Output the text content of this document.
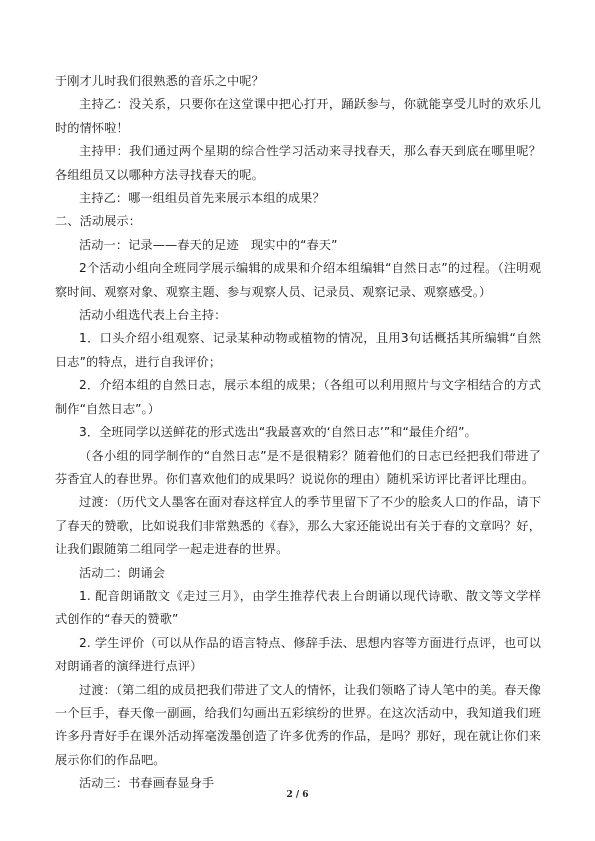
于刚才儿时我们很熟悉的音乐之中呢？

主持乙：没关系，只要你在这堂课中把心打开，踊跃参与，你就能享受儿时的欢乐儿时的情怀啦！

主持甲：我们通过两个星期的综合性学习活动来寻找春天，那么春天到底在哪里呢？各组组员又以哪种方法寻找春天的呢。

主持乙：哪一组组员首先来展示本组的成果？

二、活动展示：

活动一：记录——春天的足迹　现实中的“春天”

2个活动小组向全班同学展示编辑的成果和介绍本组编辑“自然日志”的过程。（注明观察时间、观察对象、观察主题、参与观察人员、记录员、观察记录、观察感受。）

活动小组选代表上台主持：

1．口头介绍小组观察、记录某种动物或植物的情况，且用3句话概括其所编辑“自然日志”的特点，进行自我评价；

2．介绍本组的自然日志，展示本组的成果；（各组可以利用照片与文字相结合的方式制作“自然日志”。）

3．全班同学以送鲜花的形式选出“我最喜欢的‘自然日志’”和“最佳介绍”。

（各小组的同学制作的“自然日志”是不是很精彩？随着他们的日志已经把我们带进了芬香宜人的春世界。你们喜欢他们的成果吗？说说你的理由）随机采访评比者评比理由。

过渡：（历代文人墨客在面对春这样宜人的季节里留下了不少的脍炙人口的作品，请下了春天的赞歌，比如说我们非常熟悉的《春》，那么大家还能说出有关于春的文章吗？好，让我们跟随第二组同学一起走进春的世界。

活动二：朗诵会

1. 配音朗诵散文《走过三月》，由学生推荐代表上台朗诵以现代诗歌、散文等文学样式创作的“春天的赞歌”

2. 学生评价（可以从作品的语言特点、修辞手法、思想内容等方面进行点评，也可以对朗诵者的演绎进行点评）

过渡：（第二组的成员把我们带进了文人的情怀，让我们领略了诗人笔中的美。春天像一个巨手，春天像一副画，给我们勾画出五彩缤纷的世界。在这次活动中，我知道我们班许多丹青好手在课外活动挥毫泼墨创造了许多优秀的作品，是吗？那好，现在就让你们来展示你们的作品吧。

活动三：书春画春显身手

2 / 6
